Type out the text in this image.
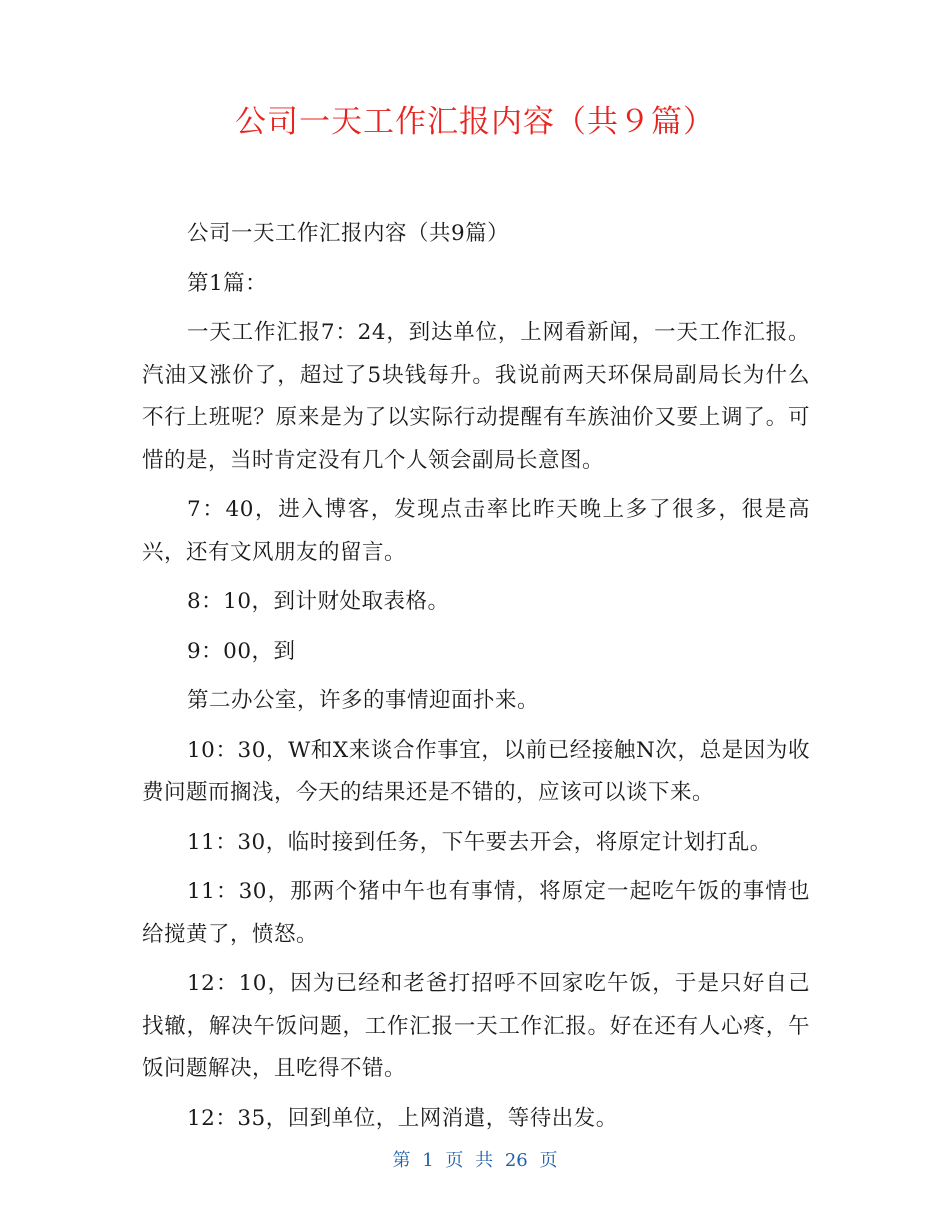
公司一天工作汇报内容（共９篇）

公司一天工作汇报内容（共9篇）

第1篇：

一天工作汇报7：24，到达单位，上网看新闻，一天工作汇报。汽油又涨价了，超过了5块钱每升。我说前两天环保局副局长为什么不行上班呢？原来是为了以实际行动提醒有车族油价又要上调了。可惜的是，当时肯定没有几个人领会副局长意图。

7：40，进入博客，发现点击率比昨天晚上多了很多，很是高兴，还有文风朋友的留言。

8：10，到计财处取表格。

9：00，到

第二办公室，许多的事情迎面扑来。

10：30，W和X来谈合作事宜，以前已经接触N次，总是因为收费问题而搁浅，今天的结果还是不错的，应该可以谈下来。

11：30，临时接到任务，下午要去开会，将原定计划打乱。

11：30，那两个猪中午也有事情，将原定一起吃午饭的事情也给搅黄了，愤怒。

12：10，因为已经和老爸打招呼不回家吃午饭，于是只好自己找辙，解决午饭问题，工作汇报一天工作汇报。好在还有人心疼，午饭问题解决，且吃得不错。

12：35，回到单位，上网消遣，等待出发。

第 1 页 共 26 页
